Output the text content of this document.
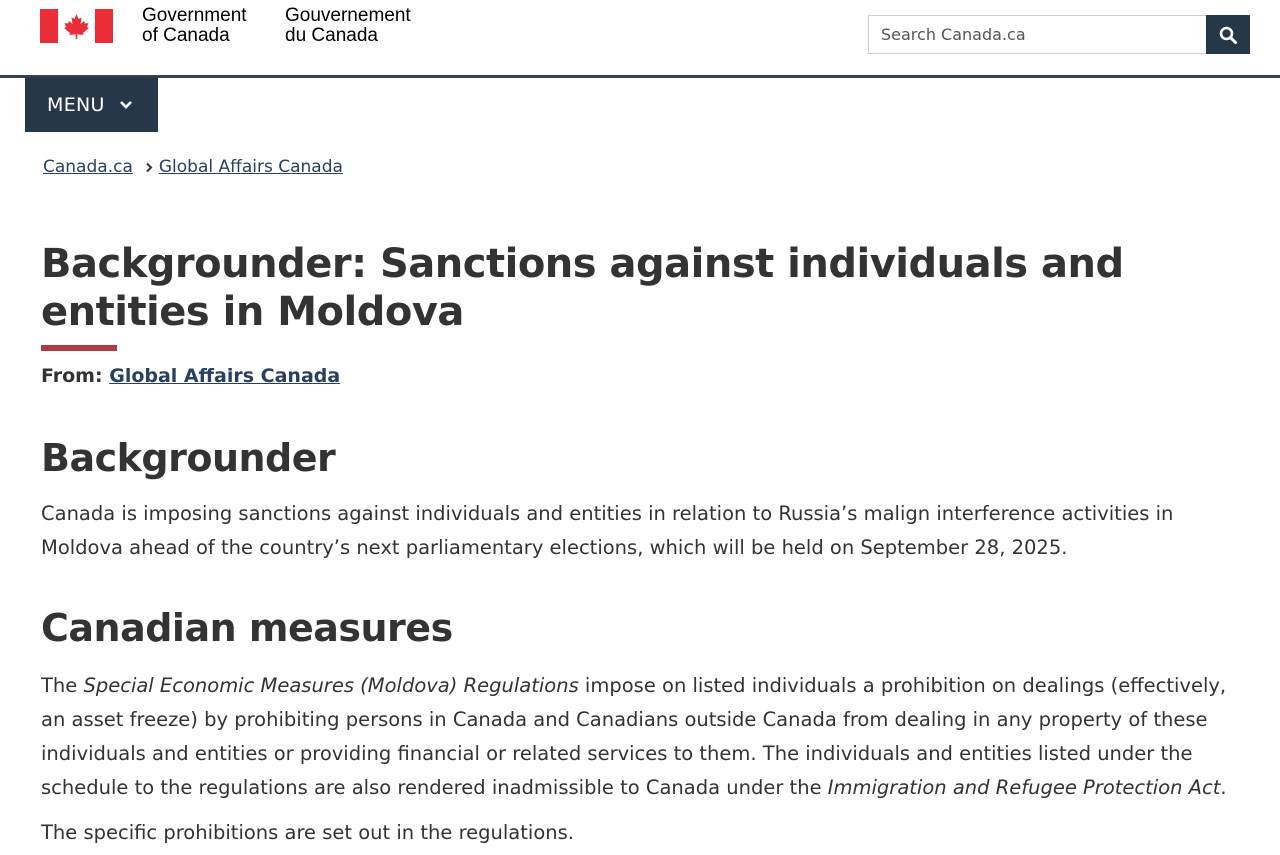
Government
of Canada
Gouvernement
du Canada	Search Canada.ca
MENU
Canada.ca Global Affairs Canada
Backgrounder: Sanctions against individuals and entities in Moldova
From: Global Affairs Canada
Backgrounder

Canada is imposing sanctions against individuals and entities in relation to Russia’s malign interference activities in Moldova ahead of the country’s next parliamentary elections, which will be held on September 28, 2025.

Canadian measures

The Special Economic Measures (Moldova) Regulations impose on listed individuals a prohibition on dealings (effectively, an asset freeze) by prohibiting persons in Canada and Canadians outside Canada from dealing in any property of these individuals and entities or providing financial or related services to them. The individuals and entities listed under the schedule to the regulations are also rendered inadmissible to Canada under the Immigration and Refugee Protection Act.

The specific prohibitions are set out in the regulations.
